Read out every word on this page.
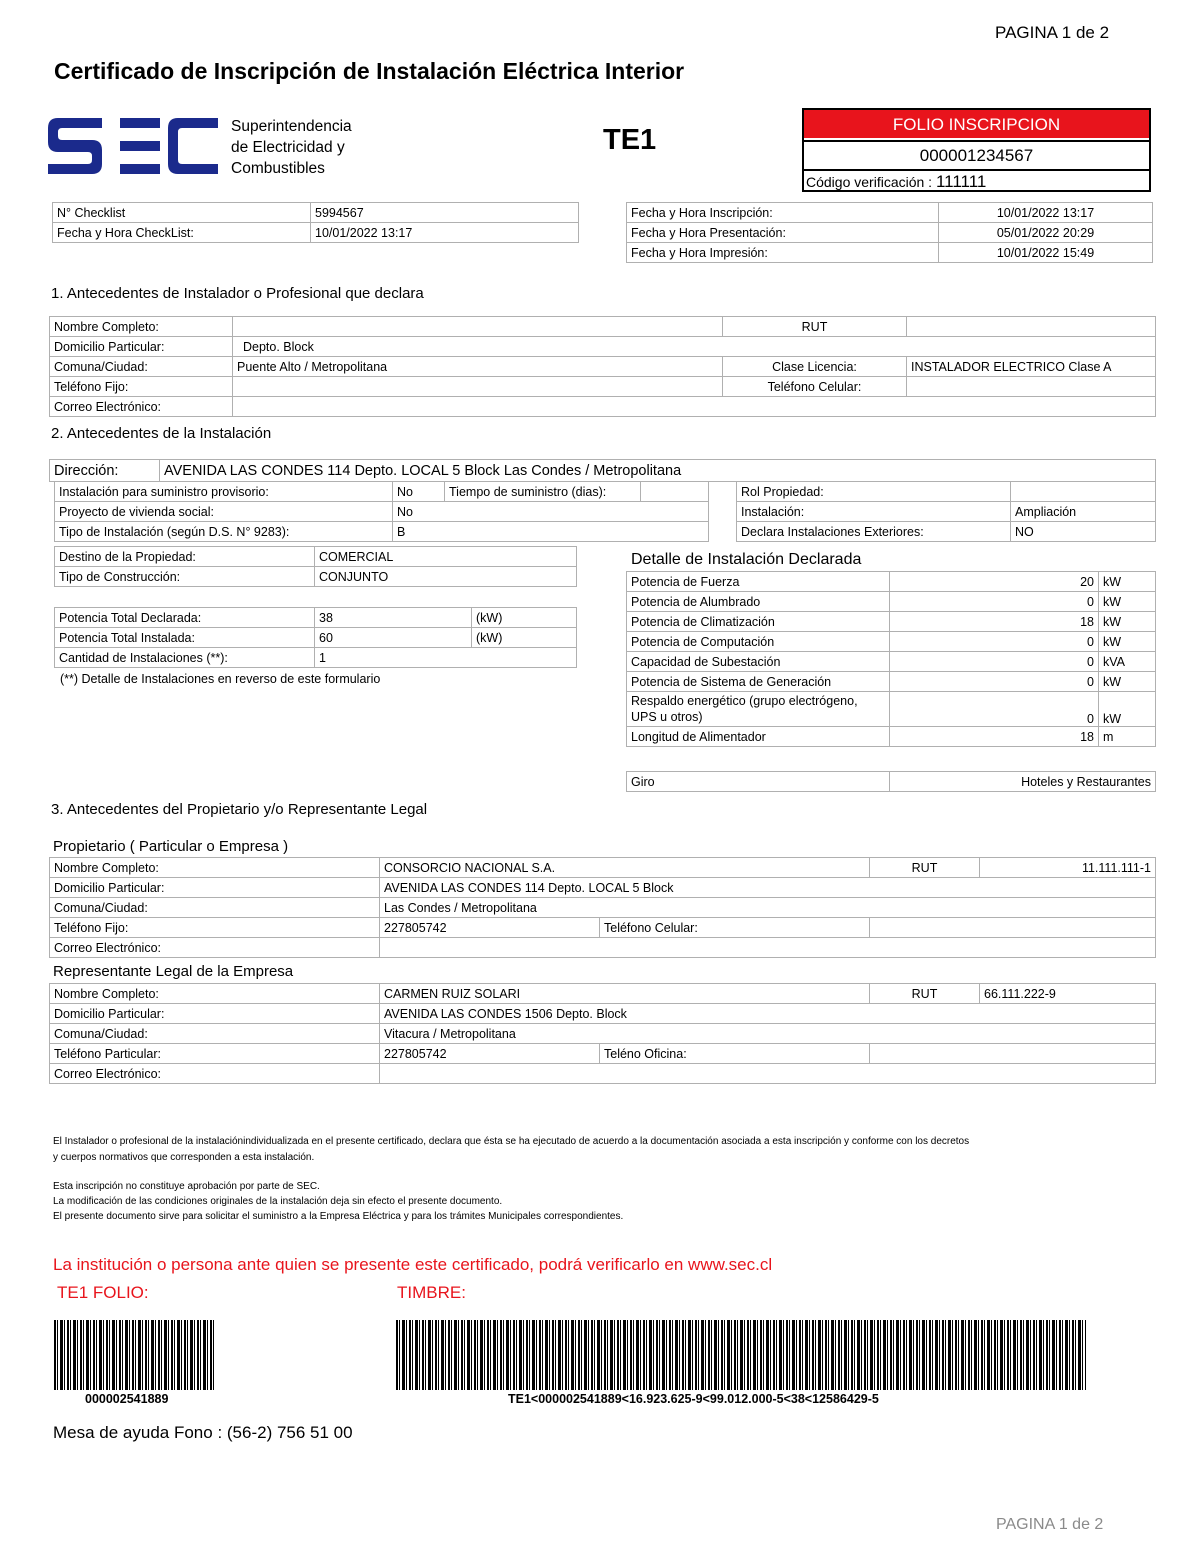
PAGINA 1 de 2
Certificado de Inscripción de Instalación Eléctrica Interior
Superintendencia
de Electricidad y
Combustibles
TE1	FOLIO INSCRIPCION
000001234567
Código verificación : 111111
N° Checklist	5994567
Fecha y Hora CheckList:	10/01/2022 13:17
Fecha y Hora Inscripción:	10/01/2022 13:17
Fecha y Hora Presentación:	05/01/2022 20:29
Fecha y Hora Impresión:	10/01/2022 15:49
1. Antecedentes de Instalador o Profesional que declara
Nombre Completo:		RUT	
Domicilio Particular:	Depto. Block		
Comuna/Ciudad:	Puente Alto / Metropolitana	Clase Licencia:	INSTALADOR ELECTRICO Clase A
Teléfono Fijo:		Teléfono Celular:	
Correo Electrónico:			
2. Antecedentes de la Instalación
Dirección:	AVENIDA LAS CONDES 114 Depto. LOCAL 5 Block Las Condes / Metropolitana
Instalación para suministro provisorio:	No	Tiempo de suministro (dias):	
Proyecto de vivienda social:	No		
Tipo de Instalación (según D.S. N° 9283):	B		
Rol Propiedad:	
Instalación:	Ampliación
Declara Instalaciones Exteriores:	NO
Destino de la Propiedad:	COMERCIAL
Tipo de Construcción:	CONJUNTO
Potencia Total Declarada:	38	(kW)
Potencia Total Instalada:	60	(kW)
Cantidad de Instalaciones (**):	1	
(**) Detalle de Instalaciones en reverso de este formulario
Detalle de Instalación Declarada
Potencia de Fuerza	20	kW
Potencia de Alumbrado	0	kW
Potencia de Climatización	18	kW
Potencia de Computación	0	kW
Capacidad de Subestación	0	kVA
Potencia de Sistema de Generación	0	kW

Respaldo energético (grupo electrógeno,
UPS u otros)	0	kW
Longitud de Alimentador	18	m
Giro	Hoteles y Restaurantes
3. Antecedentes del Propietario y/o Representante Legal
Propietario ( Particular o Empresa )
Nombre Completo:	CONSORCIO NACIONAL S.A.		RUT	11.111.111-1
Domicilio Particular:	AVENIDA LAS CONDES 114 Depto. LOCAL 5 Block			
Comuna/Ciudad:	Las Condes / Metropolitana			
Teléfono Fijo:	227805742	Teléfono Celular:		
Correo Electrónico:				
Representante Legal de la Empresa
Nombre Completo:	CARMEN RUIZ SOLARI		RUT	66.111.222-9
Domicilio Particular:	AVENIDA LAS CONDES 1506 Depto. Block			
Comuna/Ciudad:	Vitacura / Metropolitana			
Teléfono Particular:	227805742	Teléno Oficina:		
Correo Electrónico:				
El Instalador o profesional de la instalaciónindividualizada en el presente certificado, declara que ésta se ha ejecutado de acuerdo a la documentación asociada a esta inscripción y conforme con los decretos
y cuerpos normativos que corresponden a esta instalación.
Esta inscripción no constituye aprobación por parte de SEC.
La modificación de las condiciones originales de la instalación deja sin efecto el presente documento.
El presente documento sirve para solicitar el suministro a la Empresa Eléctrica y para los trámites Municipales correspondientes.
La institución o persona ante quien se presente este certificado, podrá verificarlo en www.sec.cl
TE1 FOLIO:	TIMBRE:
000002541889	TE1<000002541889<16.923.625-9<99.012.000-5<38<12586429-5
Mesa de ayuda Fono : (56-2) 756 51 00
PAGINA 1 de 2
